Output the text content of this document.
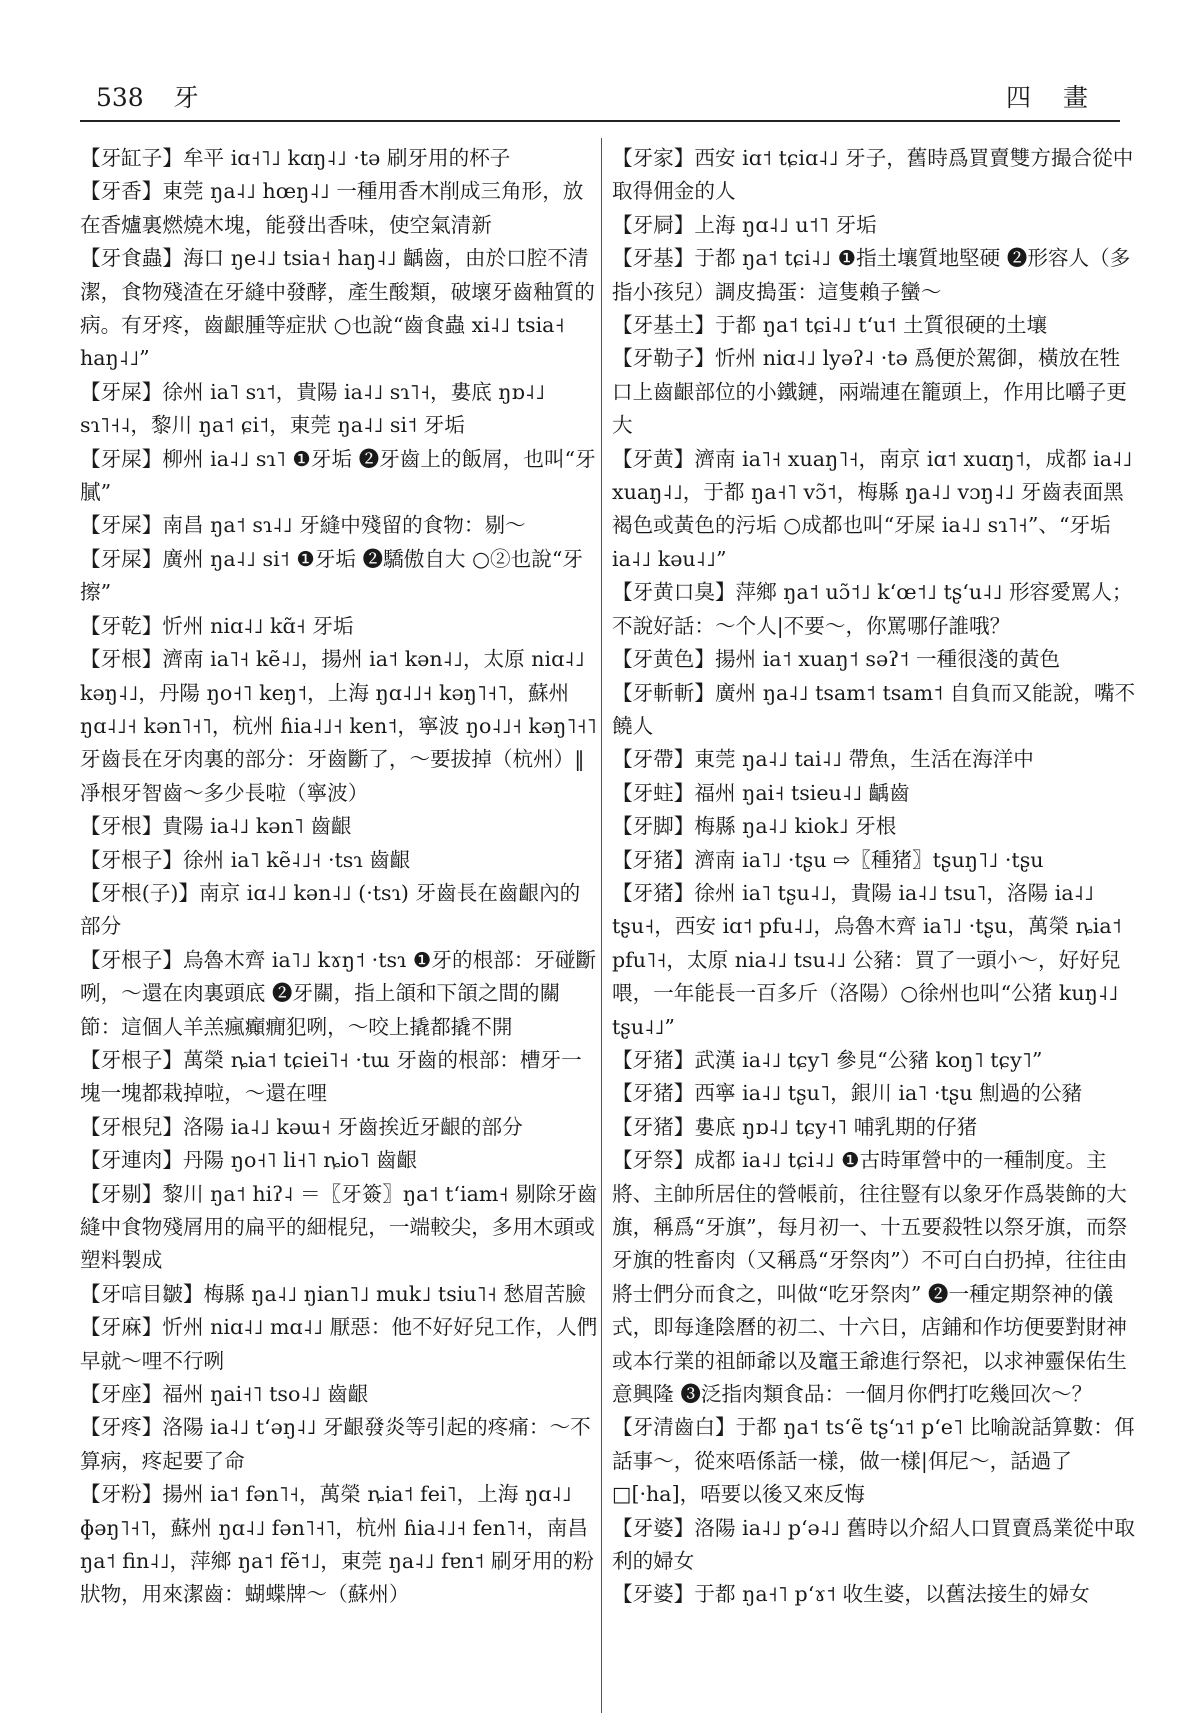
538 牙	四 畫

【牙缸子】牟平 iɑ˧˥˩ kɑŋ˨˩ ·tə 刷牙用的杯子

【牙香】東莞 ŋa˨˩ hœŋ˨˩ 一種用香木削成三角形，放在香爐裏燃燒木塊，能發出香味，使空氣清新

【牙食蟲】海口 ŋe˨˩ tsia˧ haŋ˨˩ 齲齒，由於口腔不清潔，食物殘渣在牙縫中發酵，產生酸類，破壞牙齒釉質的病。有牙疼，齒齦腫等症狀 ○也說“齒食蟲 xi˨˩ tsia˧ haŋ˨˩”

【牙屎】徐州 ia˥ sɿ˦，貴陽 ia˨˩ sɿ˥˧，婁底 ŋɒ˨˩ sɿ˥˧˨，黎川 ŋa˦ ɕi˦，東莞 ŋa˨˩ si˦ 牙垢

【牙屎】柳州 ia˨˩ sɿ˥ ❶牙垢 ❷牙齒上的飯屑，也叫“牙膩”

【牙屎】南昌 ŋa˦ sɿ˨˩ 牙縫中殘留的食物：剔～

【牙屎】廣州 ŋa˨˩ si˦ ❶牙垢 ❷驕傲自大 ○②也說“牙擦”

【牙乾】忻州 niɑ˨˩ kɑ̃˧ 牙垢

【牙根】濟南 ia˥˧ kẽ˨˩，揚州 ia˦ kən˨˩，太原 niɑ˨˩ kəŋ˨˩，丹陽 ŋo˧˥ keŋ˦，上海 ŋɑ˨˩˧ kəŋ˥˧˥，蘇州 ŋɑ˨˩˧ kən˥˧˥，杭州 ɦia˨˩˧ ken˦，寧波 ŋo˨˩˧ kəŋ˥˧˥ 牙齒長在牙肉裏的部分：牙齒斷了，～要拔掉（杭州）‖ 凈根牙智齒～多少長啦（寧波）

【牙根】貴陽 ia˨˩ kən˥ 齒齦

【牙根子】徐州 ia˥ kẽ˨˩˧ ·tsɿ 齒齦

【牙根(子)】南京 iɑ˨˩ kən˨˩ (·tsɿ) 牙齒長在齒齦內的部分

【牙根子】烏魯木齊 ia˥˩ kɤŋ˦ ·tsɿ ❶牙的根部：牙碰斷咧，～還在肉裏頭底 ❷牙關，指上頜和下頜之間的關節：這個人羊羔瘋癲癇犯咧，～咬上撬都撬不開

【牙根子】萬榮 ȵia˦ tɕiei˥˧ ·tɯ 牙齒的根部：槽牙一塊一塊都栽掉啦，～還在哩

【牙根兒】洛陽 ia˨˩ kəɯ˧ 牙齒挨近牙齦的部分

【牙連肉】丹陽 ŋo˧˥ li˧˥ ȵio˥ 齒齦

【牙剔】黎川 ŋa˦ hiʔ˨ ＝〖牙簽〗ŋa˦ tʻiam˧ 剔除牙齒縫中食物殘屑用的扁平的細棍兒，一端較尖，多用木頭或塑料製成

【牙唁目皺】梅縣 ŋa˨˩ ŋian˥˩ muk˩ tsiu˥˧ 愁眉苦臉

【牙麻】忻州 niɑ˨˩ mɑ˨˩ 厭惡：他不好好兒工作，人們早就～哩不行咧

【牙座】福州 ŋai˧˥ tso˨˩ 齒齦

【牙疼】洛陽 ia˨˩ tʻəŋ˨˩ 牙齦發炎等引起的疼痛：～不算病，疼起要了命

【牙粉】揚州 ia˦ fən˥˧，萬榮 ȵia˦ fei˥，上海 ŋɑ˨˩ ɸəŋ˥˧˥，蘇州 ŋɑ˨˩ fən˥˧˥，杭州 ɦia˨˩˧ fen˥˧，南昌 ŋa˦ fin˨˩，萍鄉 ŋa˦ fẽ˦˩，東莞 ŋa˨˩ fɐn˦ 刷牙用的粉狀物，用來潔齒：蝴蝶牌～（蘇州）

【牙家】西安 iɑ˦ tɕiɑ˨˩ 牙子，舊時爲買賣雙方撮合從中取得佣金的人

【牙屙】上海 ŋɑ˨˩ u˦˥ 牙垢

【牙基】于都 ŋa˦ tɕi˨˩ ❶指土壤質地堅硬 ❷形容人（多指小孩兒）調皮搗蛋：這隻賴子蠻～

【牙基土】于都 ŋa˦ tɕi˨˩ tʻu˦ 土質很硬的土壤

【牙勒子】忻州 niɑ˨˩ lyəʔ˨ ·tə 爲便於駕御，橫放在牲口上齒齦部位的小鐵鏈，兩端連在籠頭上，作用比嚼子更大

【牙黄】濟南 ia˥˧ xuaŋ˥˧，南京 iɑ˦ xuɑŋ˦，成都 ia˨˩ xuaŋ˨˩，于都 ŋa˧˥ vɔ̃˦，梅縣 ŋa˨˩ vɔŋ˨˩ 牙齒表面黑褐色或黃色的污垢 ○成都也叫“牙屎 ia˨˩ sɿ˥˧”、“牙垢 ia˨˩ kəu˨˩”

【牙黄口臭】萍鄉 ŋa˦ uɔ̃˦˩ kʻœ˦˩ tʂʻu˨˩ 形容愛罵人；不說好話：～个人|不要～，你罵哪仔誰哦？

【牙黄色】揚州 ia˦ xuaŋ˦ səʔ˦ 一種很淺的黃色

【牙斬斬】廣州 ŋa˨˩ tsam˦ tsam˦ 自負而又能說，嘴不饒人

【牙帶】東莞 ŋa˨˩ tai˨˩ 帶魚，生活在海洋中

【牙蛀】福州 ŋai˧ tsieu˨˩ 齲齒

【牙脚】梅縣 ŋa˨˩ kiok˩ 牙根

【牙猪】濟南 ia˥˩ ·tʂu ⇨〖種猪〗tʂuŋ˥˩ ·tʂu

【牙猪】徐州 ia˥ tʂu˨˩，貴陽 ia˨˩ tsu˥，洛陽 ia˨˩ tʂu˧，西安 iɑ˦ pfu˨˩，烏魯木齊 ia˥˩ ·tʂu，萬榮 ȵia˦ pfu˥˧，太原 nia˨˩ tsu˨˩ 公豬：買了一頭小～，好好兒喂，一年能長一百多斤（洛陽）○徐州也叫“公猪 kuŋ˨˩ tʂu˨˩”

【牙猪】武漢 ia˨˩ tɕy˥ 參見“公豬 koŋ˥ tɕy˥”

【牙猪】西寧 ia˨˩ tʂu˥，銀川 ia˥ ·tʂu 劁過的公豬

【牙猪】婁底 ŋɒ˨˩ tɕy˧˥ 哺乳期的仔猪

【牙祭】成都 ia˨˩ tɕi˨˩ ❶古時軍營中的一種制度。主將、主帥所居住的營帳前，往往豎有以象牙作爲裝飾的大旗，稱爲“牙旗”，每月初一、十五要殺牲以祭牙旗，而祭牙旗的牲畜肉（又稱爲“牙祭肉”）不可白白扔掉，往往由將士們分而食之，叫做“吃牙祭肉” ❷一種定期祭神的儀式，即每逢陰曆的初二、十六日，店鋪和作坊便要對財神或本行業的祖師爺以及竈王爺進行祭祀，以求神靈保佑生意興隆 ❸泛指肉類食品：一個月你們打吃幾回次～？

【牙清齒白】于都 ŋa˦ tsʻẽ tʂʻɿ˦ pʻe˥ 比喻說話算數：佴話事～，從來唔係話一樣，做一樣|佴尼～，話過了□[·ha]，唔要以後又來反悔

【牙婆】洛陽 ia˨˩ pʻə˨˩ 舊時以介紹人口買賣爲業從中取利的婦女

【牙婆】于都 ŋa˧˥ pʻɤ˦ 收生婆，以舊法接生的婦女
